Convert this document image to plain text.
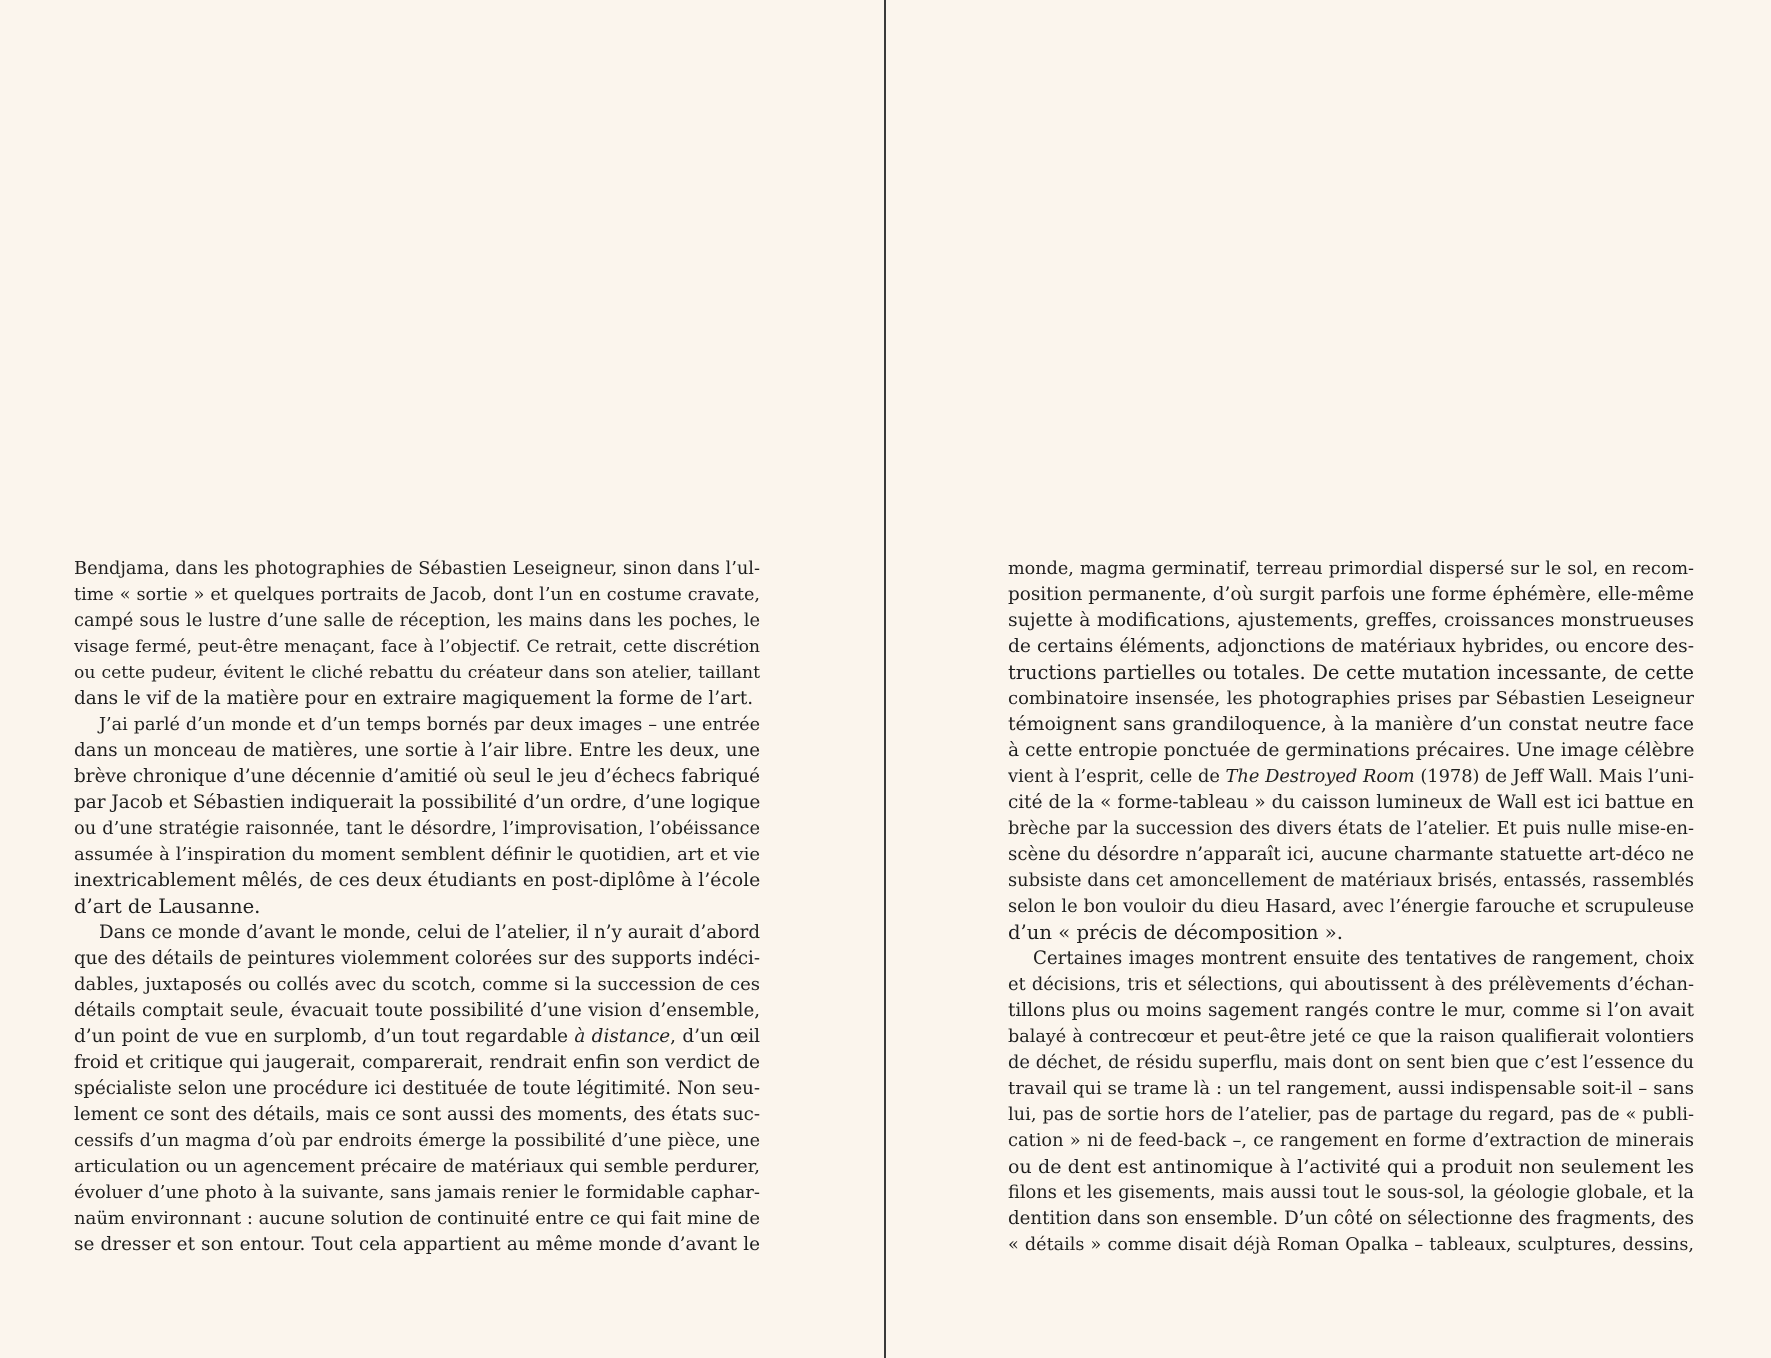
Bendjama, dans les photographies de Sébastien Leseigneur, sinon dans l’ul-
time « sortie » et quelques portraits de Jacob, dont l’un en costume cravate,
campé sous le lustre d’une salle de réception, les mains dans les poches, le
visage fermé, peut-être menaçant, face à l’objectif. Ce retrait, cette discrétion
ou cette pudeur, évitent le cliché rebattu du créateur dans son atelier, taillant
dans le vif de la matière pour en extraire magiquement la forme de l’art.
J’ai parlé d’un monde et d’un temps bornés par deux images – une entrée
dans un monceau de matières, une sortie à l’air libre. Entre les deux, une
brève chronique d’une décennie d’amitié où seul le jeu d’échecs fabriqué
par Jacob et Sébastien indiquerait la possibilité d’un ordre, d’une logique
ou d’une stratégie raisonnée, tant le désordre, l’improvisation, l’obéissance
assumée à l’inspiration du moment semblent définir le quotidien, art et vie
inextricablement mêlés, de ces deux étudiants en post-diplôme à l’école
d’art de Lausanne.
Dans ce monde d’avant le monde, celui de l’atelier, il n’y aurait d’abord
que des détails de peintures violemment colorées sur des supports indéci-
dables, juxtaposés ou collés avec du scotch, comme si la succession de ces
détails comptait seule, évacuait toute possibilité d’une vision d’ensemble,
d’un point de vue en surplomb, d’un tout regardable à distance, d’un œil
froid et critique qui jaugerait, comparerait, rendrait enfin son verdict de
spécialiste selon une procédure ici destituée de toute légitimité. Non seu-
lement ce sont des détails, mais ce sont aussi des moments, des états suc-
cessifs d’un magma d’où par endroits émerge la possibilité d’une pièce, une
articulation ou un agencement précaire de matériaux qui semble perdurer,
évoluer d’une photo à la suivante, sans jamais renier le formidable caphar-
naüm environnant : aucune solution de continuité entre ce qui fait mine de
se dresser et son entour. Tout cela appartient au même monde d’avant le
monde, magma germinatif, terreau primordial dispersé sur le sol, en recom-
position permanente, d’où surgit parfois une forme éphémère, elle-même
sujette à modifications, ajustements, greffes, croissances monstrueuses
de certains éléments, adjonctions de matériaux hybrides, ou encore des-
tructions partielles ou totales. De cette mutation incessante, de cette
combinatoire insensée, les photographies prises par Sébastien Leseigneur
témoignent sans grandiloquence, à la manière d’un constat neutre face
à cette entropie ponctuée de germinations précaires. Une image célèbre
vient à l’esprit, celle de The Destroyed Room (1978) de Jeff Wall. Mais l’uni-
cité de la « forme-tableau » du caisson lumineux de Wall est ici battue en
brèche par la succession des divers états de l’atelier. Et puis nulle mise-en-
scène du désordre n’apparaît ici, aucune charmante statuette art-déco ne
subsiste dans cet amoncellement de matériaux brisés, entassés, rassemblés
selon le bon vouloir du dieu Hasard, avec l’énergie farouche et scrupuleuse
d’un « précis de décomposition ».
Certaines images montrent ensuite des tentatives de rangement, choix
et décisions, tris et sélections, qui aboutissent à des prélèvements d’échan-
tillons plus ou moins sagement rangés contre le mur, comme si l’on avait
balayé à contrecœur et peut-être jeté ce que la raison qualifierait volontiers
de déchet, de résidu superflu, mais dont on sent bien que c’est l’essence du
travail qui se trame là : un tel rangement, aussi indispensable soit-il – sans
lui, pas de sortie hors de l’atelier, pas de partage du regard, pas de « publi-
cation » ni de feed-back –, ce rangement en forme d’extraction de minerais
ou de dent est antinomique à l’activité qui a produit non seulement les
filons et les gisements, mais aussi tout le sous-sol, la géologie globale, et la
dentition dans son ensemble. D’un côté on sélectionne des fragments, des
« détails » comme disait déjà Roman Opalka – tableaux, sculptures, dessins,
